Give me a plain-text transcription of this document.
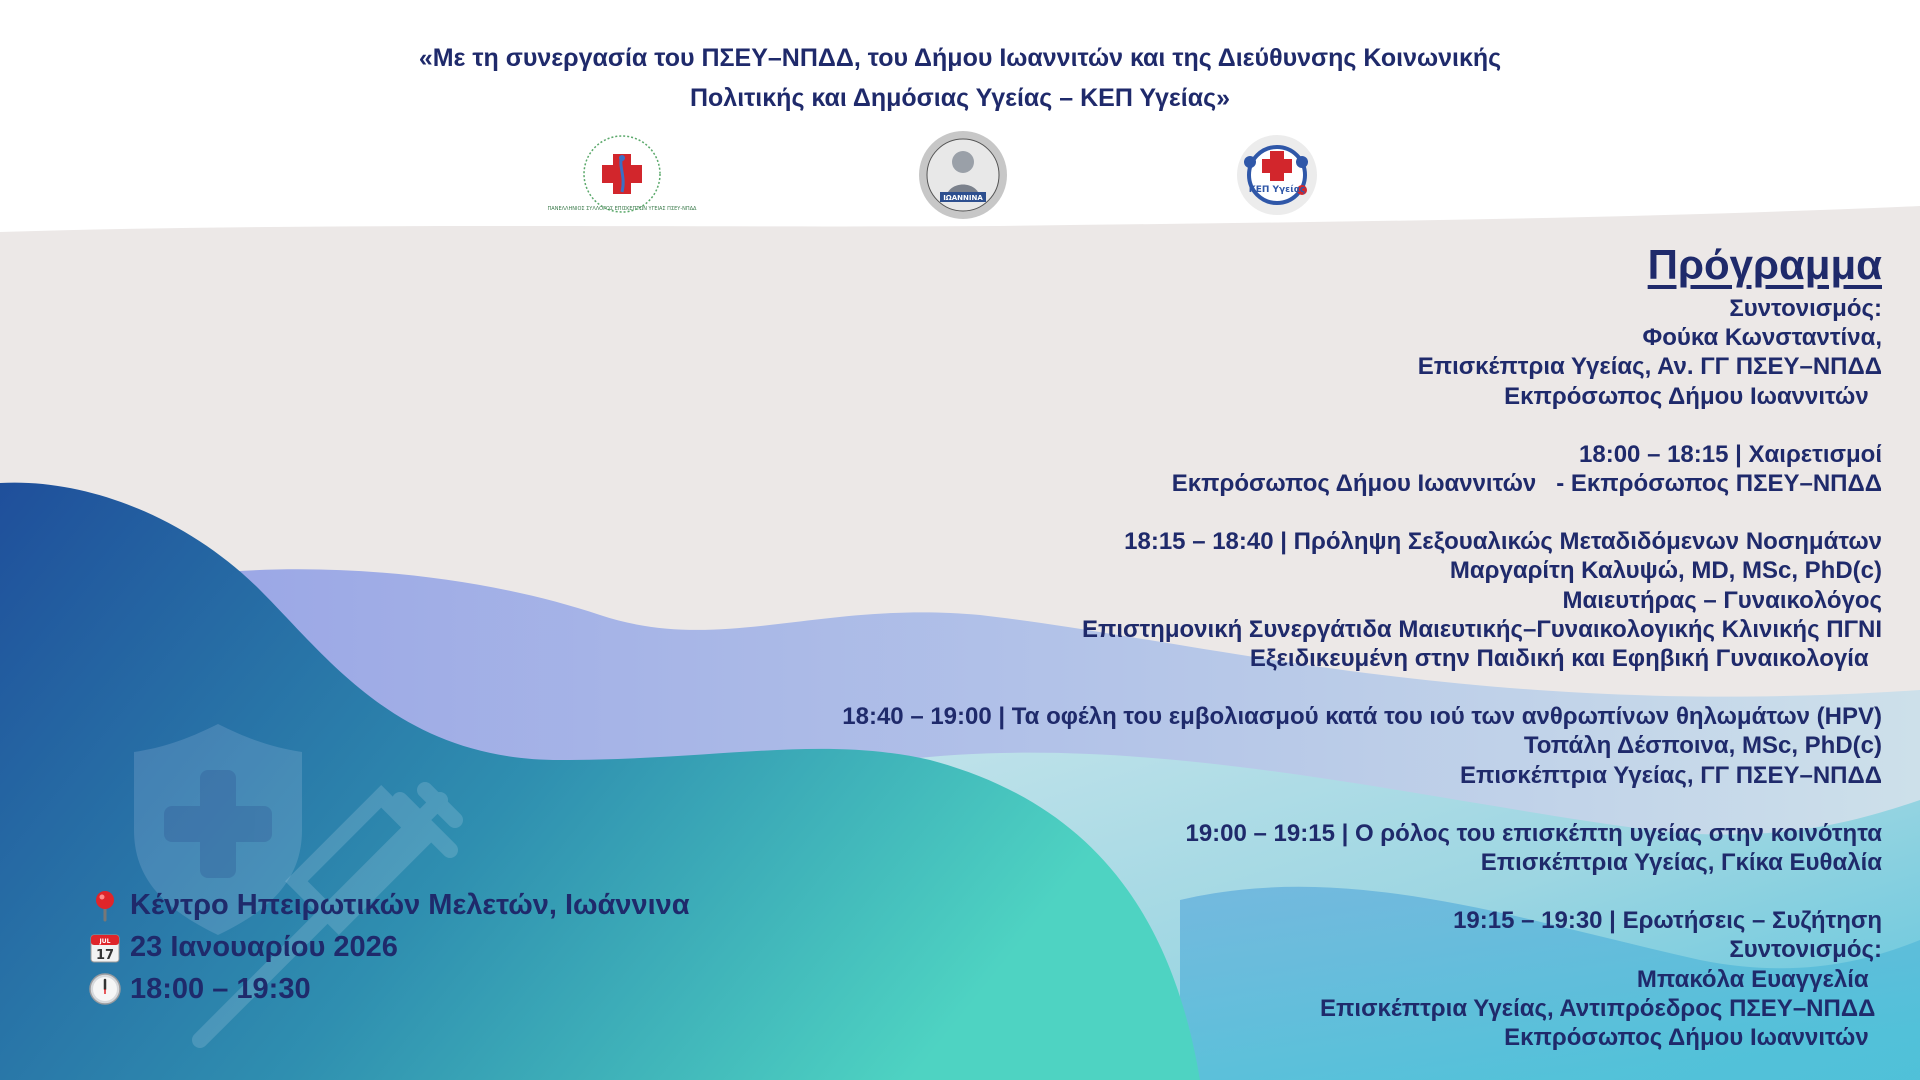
«Με τη συνεργασία του ΠΣΕΥ–ΝΠΔΔ, του Δήμου Ιωαννιτών και της Διεύθυνσης Κοινωνικής
Πολιτικής και Δημόσιας Υγείας – ΚΕΠ Υγείας»
ΠΑΝΕΛΛΗΝΙΟΣ ΣΥΛΛΟΓΟΣ ΕΠΙΣΚΕΠΤΩΝ ΥΓΕΙΑΣ ΠΣΕΥ-ΝΠΔΔ
ΙΩΑΝΝΙΝΑ
ΚΕΠ Υγείας
Πρόγραμμα
Συντονισμός:
Φούκα Κωνσταντίνα,
Επισκέπτρια Υγείας, Αν. ΓΓ ΠΣΕΥ–ΝΠΔΔ
Εκπρόσωπος Δήμου Ιωαννιτών
18:00 – 18:15 | Χαιρετισμοί
Εκπρόσωπος Δήμου Ιωαννιτών   - Εκπρόσωπος ΠΣΕΥ–ΝΠΔΔ
18:15 – 18:40 | Πρόληψη Σεξουαλικώς Μεταδιδόμενων Νοσημάτων
Μαργαρίτη Καλυψώ, MD, MSc, PhD(c)
Μαιευτήρας – Γυναικολόγος
Επιστημονική Συνεργάτιδα Μαιευτικής–Γυναικολογικής Κλινικής ΠΓΝΙ
Εξειδικευμένη στην Παιδική και Εφηβική Γυναικολογία
18:40 – 19:00 | Τα οφέλη του εμβολιασμού κατά του ιού των ανθρωπίνων θηλωμάτων (HPV)
Τοπάλη Δέσποινα, MSc, PhD(c)
Επισκέπτρια Υγείας, ΓΓ ΠΣΕΥ–ΝΠΔΔ
19:00 – 19:15 | Ο ρόλος του επισκέπτη υγείας στην κοινότητα
Επισκέπτρια Υγείας, Γκίκα Ευθαλία
19:15 – 19:30 | Ερωτήσεις – Συζήτηση
Συντονισμός:
Μπακόλα Ευαγγελία
Επισκέπτρια Υγείας, Αντιπρόεδρος ΠΣΕΥ–ΝΠΔΔ
Εκπρόσωπος Δήμου Ιωαννιτών
Κέντρο Ηπειρωτικών Μελετών, Ιωάννινα
JUL
17 23 Ιανουαρίου 2026
18:00 – 19:30
